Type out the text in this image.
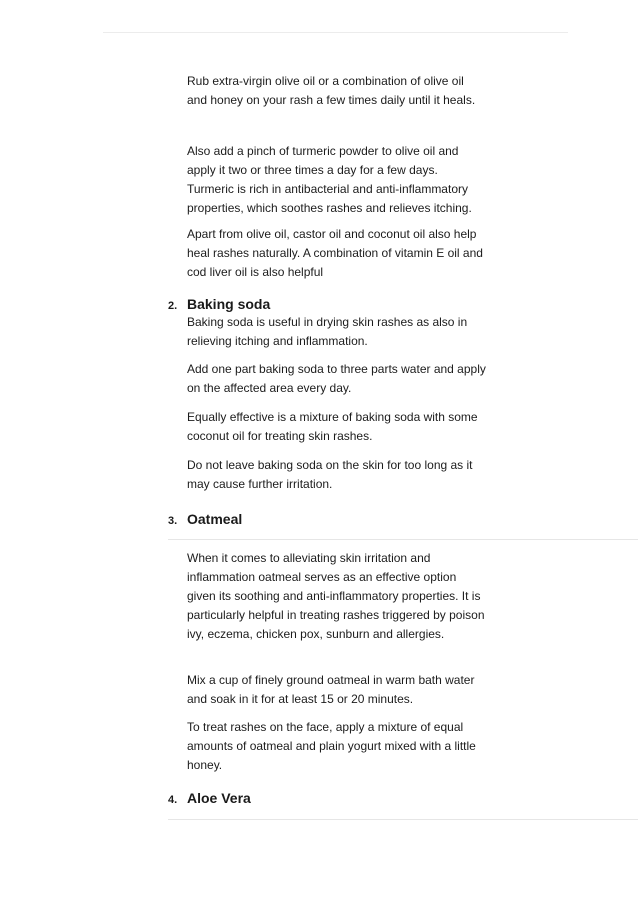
Rub extra-virgin olive oil or a combination of olive oil and honey on your rash a few times daily until it heals.

Also add a pinch of turmeric powder to olive oil and apply it two or three times a day for a few days. Turmeric is rich in antibacterial and anti-inflammatory properties, which soothes rashes and relieves itching.

Apart from olive oil, castor oil and coconut oil also help heal rashes naturally. A combination of vitamin E oil and cod liver oil is also helpful

2. Baking soda

Baking soda is useful in drying skin rashes as also in relieving itching and inflammation.

Add one part baking soda to three parts water and apply on the affected area every day.

Equally effective is a mixture of baking soda with some coconut oil for treating skin rashes.

Do not leave baking soda on the skin for too long as it may cause further irritation.

3. Oatmeal

When it comes to alleviating skin irritation and inflammation oatmeal serves as an effective option given its soothing and anti-inflammatory properties. It is particularly helpful in treating rashes triggered by poison ivy, eczema, chicken pox, sunburn and allergies.

Mix a cup of finely ground oatmeal in warm bath water and soak in it for at least 15 or 20 minutes.

To treat rashes on the face, apply a mixture of equal amounts of oatmeal and plain yogurt mixed with a little honey.

4. Aloe Vera
